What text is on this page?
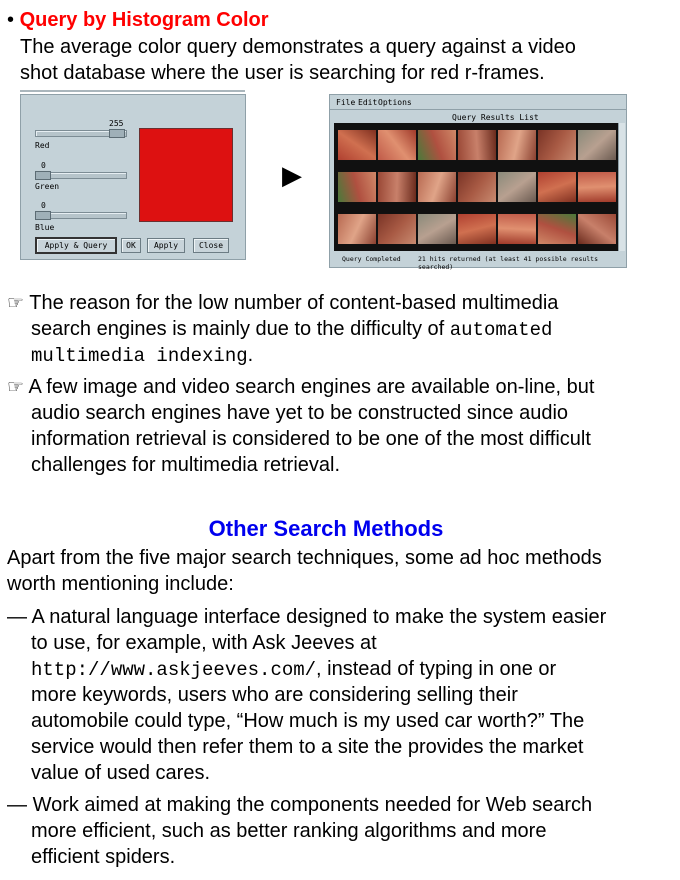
• Query by Histogram Color
The average color query demonstrates a query against a video
shot database where the user is searching for red r-frames.
255
Red
0
Green
0
Blue
Apply & Query	OK	Apply	Close
▶
File Edit Options
Query Results List
Query Completed	21 hits returned (at least 41 possible results searched)
☞ The reason for the low number of content-based multimedia
search engines is mainly due to the difficulty of automated
multimedia indexing.
☞ A few image and video search engines are available on-line, but
audio search engines have yet to be constructed since audio
information retrieval is considered to be one of the most difficult
challenges for multimedia retrieval.
Other Search Methods
Apart from the five major search techniques, some ad hoc methods
worth mentioning include:
— A natural language interface designed to make the system easier
to use, for example, with Ask Jeeves at
http://www.askjeeves.com/, instead of typing in one or
more keywords, users who are considering selling their
automobile could type, “How much is my used car worth?” The
service would then refer them to a site the provides the market
value of used cares.
— Work aimed at making the components needed for Web search
more efficient, such as better ranking algorithms and more
efficient spiders.
